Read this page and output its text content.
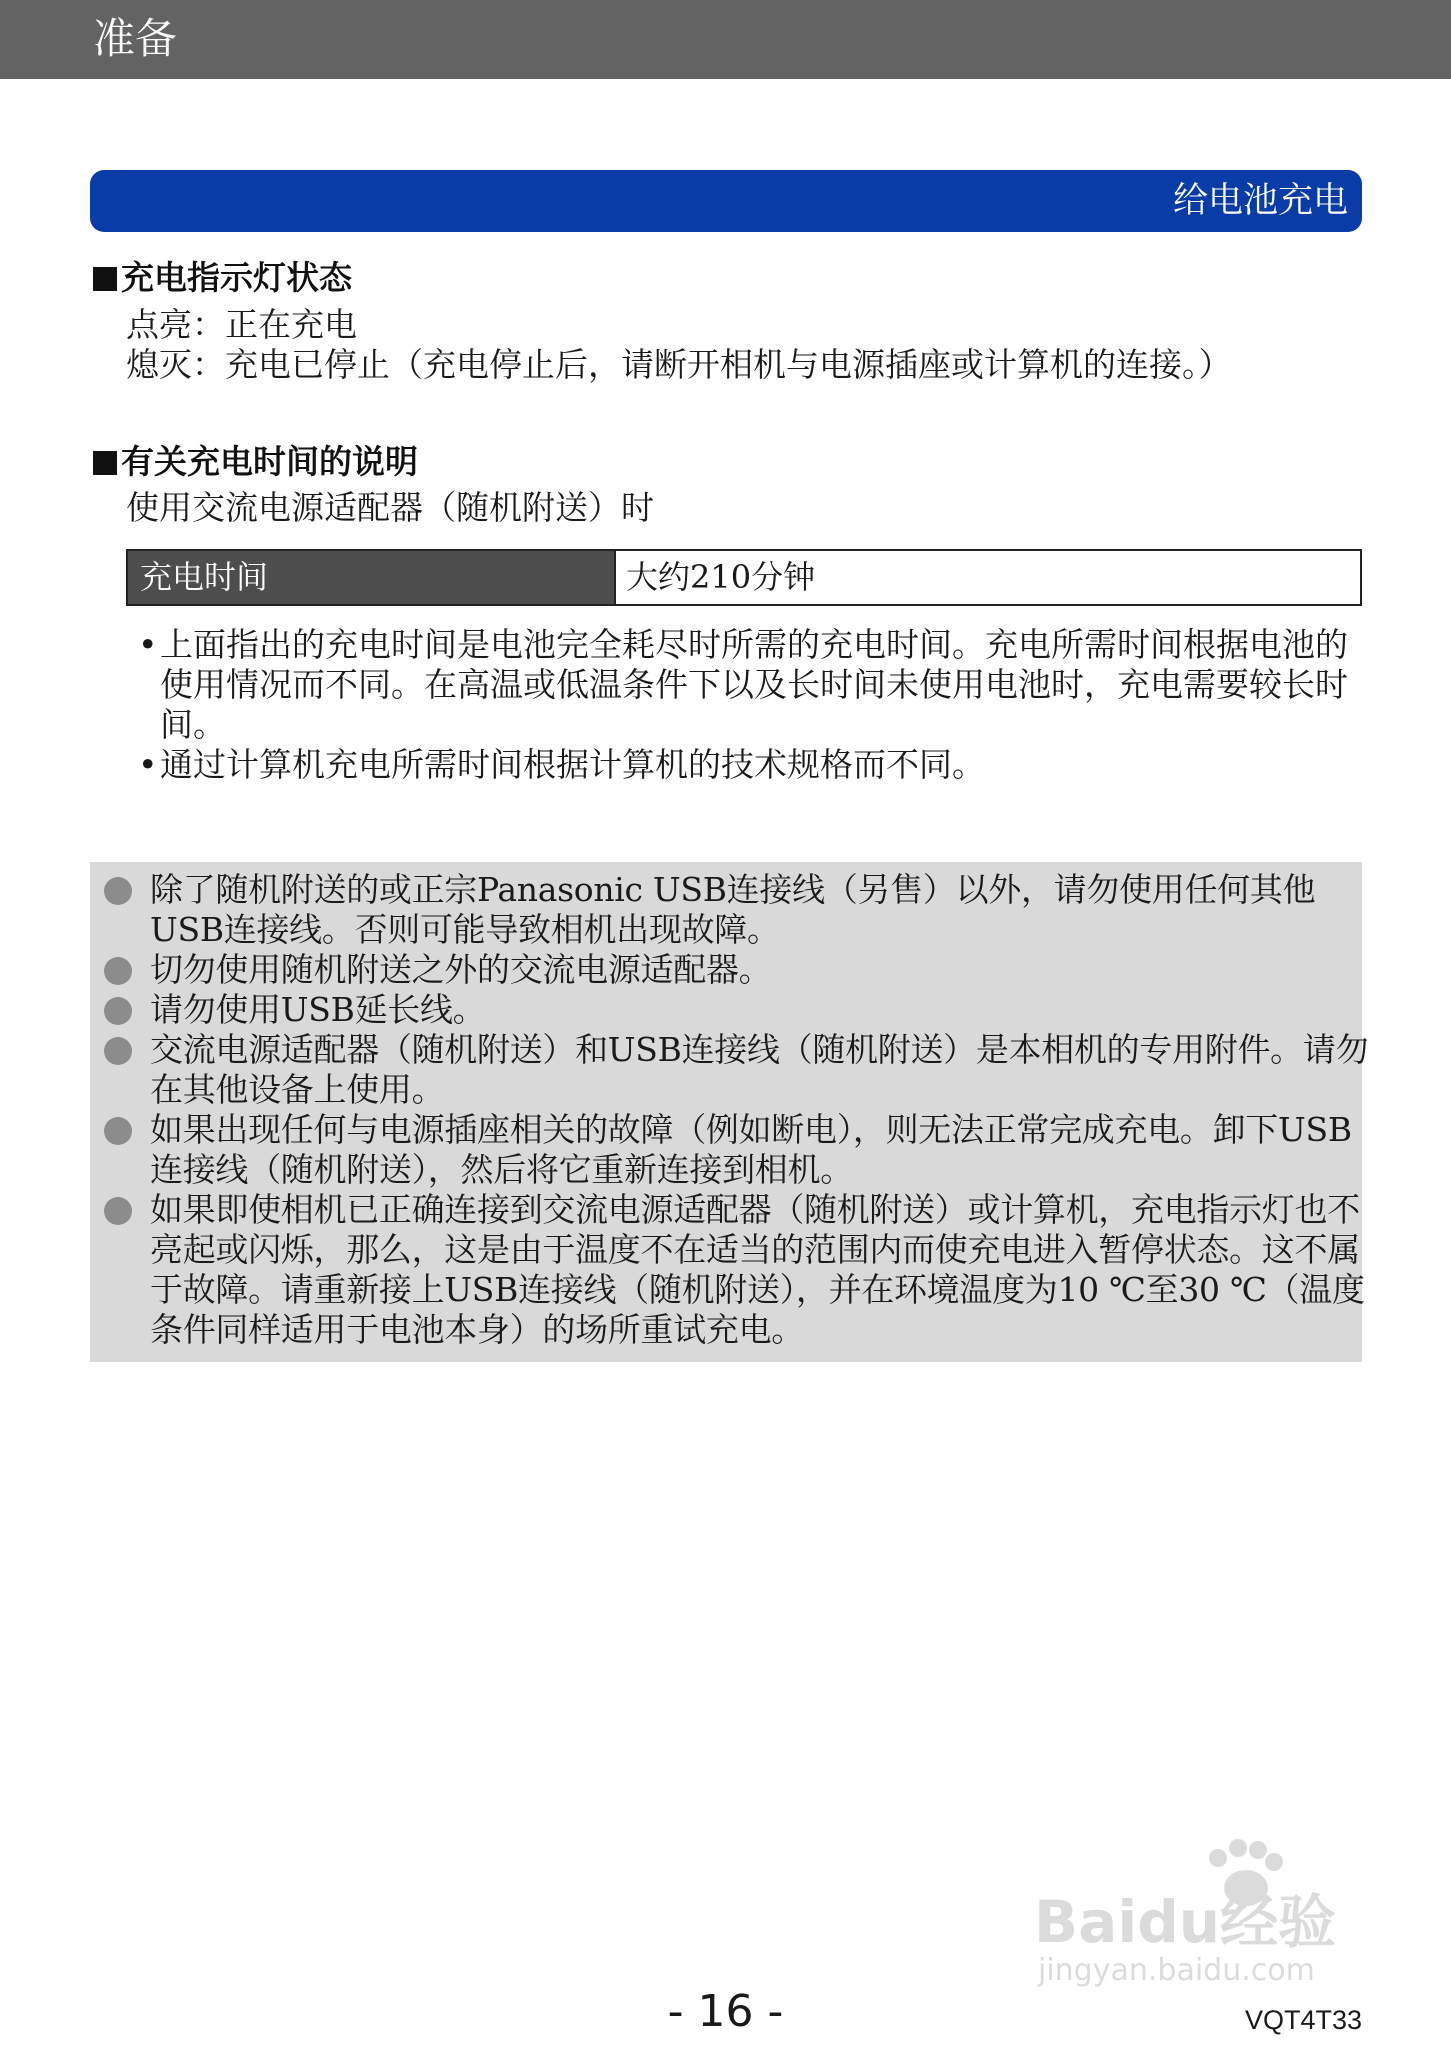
准备
给电池充电
充电指示灯状态
点亮：正在充电
熄灭：充电已停止（充电停止后，请断开相机与电源插座或计算机的连接。）
有关充电时间的说明
使用交流电源适配器（随机附送）时
充电时间	大约210分钟
• 上面指出的充电时间是电池完全耗尽时所需的充电时间。充电所需时间根据电池的使用情况而不同。在高温或低温条件下以及长时间未使用电池时，充电需要较长时间。
• 通过计算机充电所需时间根据计算机的技术规格而不同。
除了随机附送的或正宗Panasonic USB连接线（另售）以外，请勿使用任何其他USB连接线。否则可能导致相机出现故障。
切勿使用随机附送之外的交流电源适配器。
请勿使用USB延长线。
交流电源适配器（随机附送）和USB连接线（随机附送）是本相机的专用附件。请勿在其他设备上使用。
如果出现任何与电源插座相关的故障（例如断电），则无法正常完成充电。卸下USB连接线（随机附送），然后将它重新连接到相机。
如果即使相机已正确连接到交流电源适配器（随机附送）或计算机，充电指示灯也不亮起或闪烁，那么，这是由于温度不在适当的范围内而使充电进入暂停状态。这不属于故障。请重新接上USB连接线（随机附送），并在环境温度为10 ℃至30 ℃（温度条件同样适用于电池本身）的场所重试充电。
Baidu经验
jingyan.baidu.com
- 16 -	VQT4T33
